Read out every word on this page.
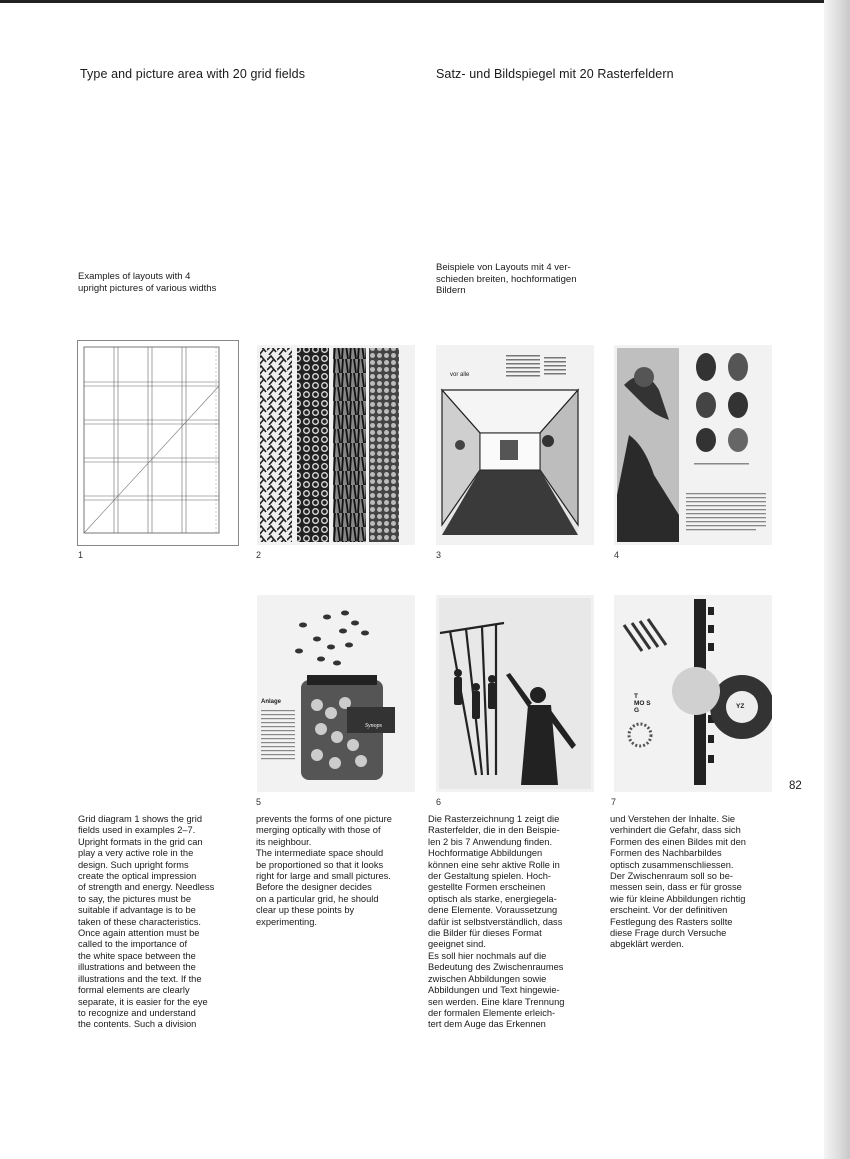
Type and picture area with 20 grid fields	Satz- und Bildspiegel mit 20 Rasterfeldern
Examples of layouts with 4
upright pictures of various widths
Beispiele von Layouts mit 4 ver-
schieden breiten, hochformatigen
Bildern
1	2
vor alle
3	4
Anlage
Synops
5	6
T
MO S
G
YZ
7
82

Grid diagram 1 shows the grid
fields used in examples 2–7.
Upright formats in the grid can
play a very active role in the
design. Such upright forms
create the optical impression
of strength and energy. Needless
to say, the pictures must be
suitable if advantage is to be
taken of these characteristics.
Once again attention must be
called to the importance of
the white space between the
illustrations and between the
illustrations and the text. If the
formal elements are clearly
separate, it is easier for the eye
to recognize and understand
the contents. Such a division

prevents the forms of one picture
merging optically with those of
its neighbour.
The intermediate space should
be proportioned so that it looks
right for large and small pictures.
Before the designer decides
on a particular grid, he should
clear up these points by
experimenting.

Die Rasterzeichnung 1 zeigt die
Rasterfelder, die in den Beispie-
len 2 bis 7 Anwendung finden.
Hochformatige Abbildungen
können eine sehr aktive Rolle in
der Gestaltung spielen. Hoch-
gestellte Formen erscheinen
optisch als starke, energiegela-
dene Elemente. Voraussetzung
dafür ist selbstverständlich, dass
die Bilder für dieses Format
geeignet sind.
Es soll hier nochmals auf die
Bedeutung des Zwischenraumes
zwischen Abbildungen sowie
Abbildungen und Text hingewie-
sen werden. Eine klare Trennung
der formalen Elemente erleich-
tert dem Auge das Erkennen

und Verstehen der Inhalte. Sie
verhindert die Gefahr, dass sich
Formen des einen Bildes mit den
Formen des Nachbarbildes
optisch zusammenschliessen.
Der Zwischenraum soll so be-
messen sein, dass er für grosse
wie für kleine Abbildungen richtig
erscheint. Vor der definitiven
Festlegung des Rasters sollte
diese Frage durch Versuche
abgeklärt werden.
